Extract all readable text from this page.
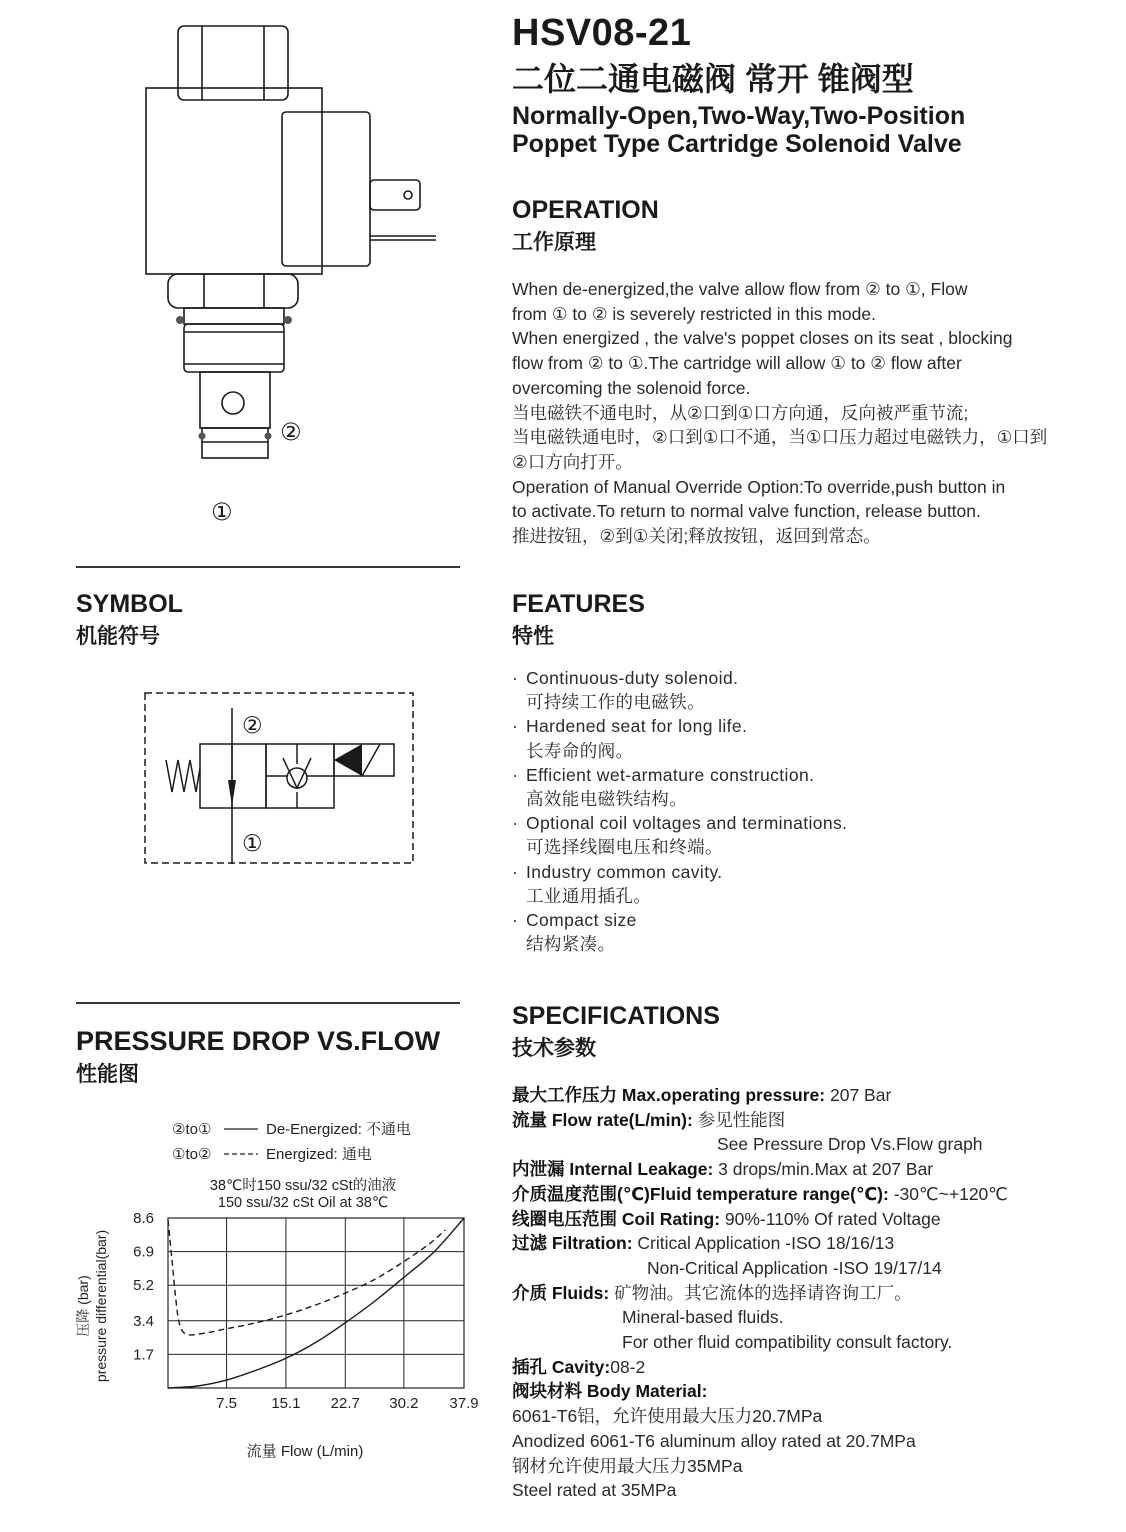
HSV08-21
二位二通电磁阀 常开 锥阀型
Normally-Open,Two-Way,Two-Position
Poppet Type Cartridge Solenoid Valve
②
①
OPERATION
工作原理
When de-energized,the valve allow flow from ② to ①, Flow
from ① to ② is severely restricted in this mode.
When energized , the valve's poppet closes on its seat , blocking
flow from ② to ①.The cartridge will allow ① to ② flow after
overcoming the solenoid force.
当电磁铁不通电时，从②口到①口方向通，反向被严重节流;
当电磁铁通电时，②口到①口不通，当①口压力超过电磁铁力，①口到
②口方向打开。
Operation of Manual Override Option:To override,push button in
to activate.To return to normal valve function, release button.
推进按钮，②到①关闭;释放按钮，返回到常态。
SYMBOL
机能符号
②
①
FEATURES
特性
· Continuous-duty solenoid.
可持续工作的电磁铁。
· Hardened seat for long life.
长寿命的阀。
· Efficient wet-armature construction.
高效能电磁铁结构。
· Optional coil voltages and terminations.
可选择线圈电压和终端。
· Industry common cavity.
工业通用插孔。
· Compact size
结构紧凑。
PRESSURE DROP VS.FLOW
性能图
②to①	De-Energized: 不通电
①to②	Energized: 通电
38℃时150 ssu/32 cSt的油液
150 ssu/32 cSt Oil at 38℃
7.5 15.1 22.7 30.2 37.9
1.7
3.4
5.2
6.9
8.6
流量 Flow (L/min)
压降 (bar) pressure differential(bar)
SPECIFICATIONS
技术参数
最大工作压力 Max.operating pressure: 207 Bar
流量 Flow rate(L/min): 参见性能图
See Pressure Drop Vs.Flow graph
内泄漏 Internal Leakage: 3 drops/min.Max at 207 Bar
介质温度范围(℃)Fluid temperature range(℃): -30℃~+120℃
线圈电压范围 Coil Rating: 90%-110% Of rated Voltage
过滤 Filtration: Critical Application -ISO 18/16/13
Non-Critical Application -ISO 19/17/14
介质 Fluids: 矿物油。其它流体的选择请咨询工厂。
Mineral-based fluids.
For other fluid compatibility consult factory.
插孔 Cavity:08-2
阀块材料 Body Material:
6061-T6铝，允许使用最大压力20.7MPa
Anodized 6061-T6 aluminum alloy rated at 20.7MPa
钢材允许使用最大压力35MPa
Steel rated at 35MPa
